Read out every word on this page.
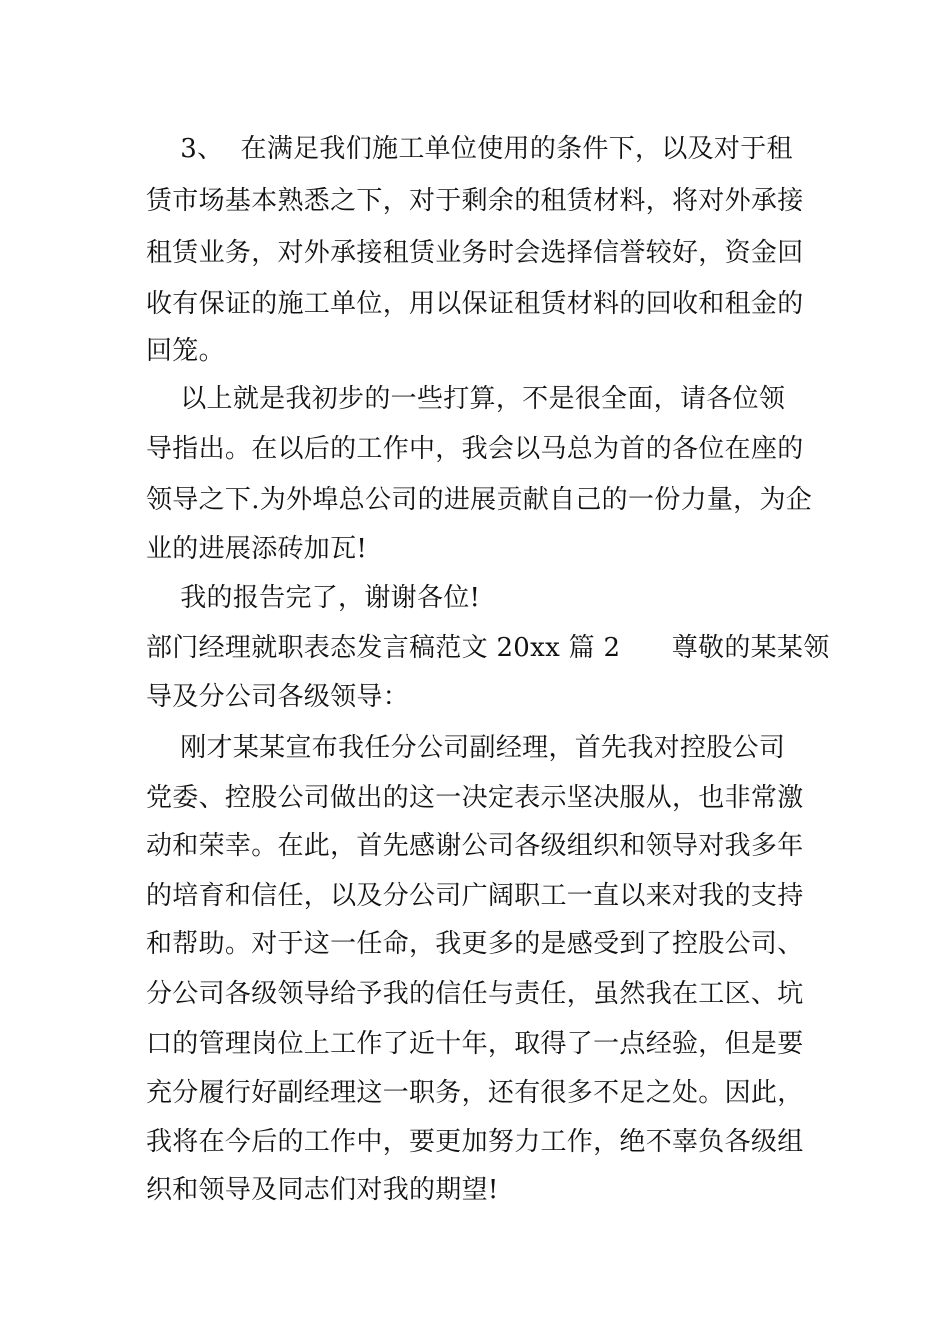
3、  在满足我们施工单位使用的条件下，以及对于租
赁市场基本熟悉之下，对于剩余的租赁材料，将对外承接
租赁业务，对外承接租赁业务时会选择信誉较好，资金回
收有保证的施工单位，用以保证租赁材料的回收和租金的
回笼。
以上就是我初步的一些打算，不是很全面，请各位领
导指出。在以后的工作中，我会以马总为首的各位在座的
领导之下.为外埠总公司的进展贡献自己的一份力量，为企
业的进展添砖加瓦!
我的报告完了，谢谢各位!
部门经理就职表态发言稿范文 20xx 篇 2      尊敬的某某领
导及分公司各级领导：
刚才某某宣布我任分公司副经理，首先我对控股公司
党委、控股公司做出的这一决定表示坚决服从，也非常激
动和荣幸。在此，首先感谢公司各级组织和领导对我多年
的培育和信任，以及分公司广阔职工一直以来对我的支持
和帮助。对于这一任命，我更多的是感受到了控股公司、
分公司各级领导给予我的信任与责任，虽然我在工区、坑
口的管理岗位上工作了近十年，取得了一点经验，但是要
充分履行好副经理这一职务，还有很多不足之处。因此，
我将在今后的工作中，要更加努力工作，绝不辜负各级组
织和领导及同志们对我的期望!
